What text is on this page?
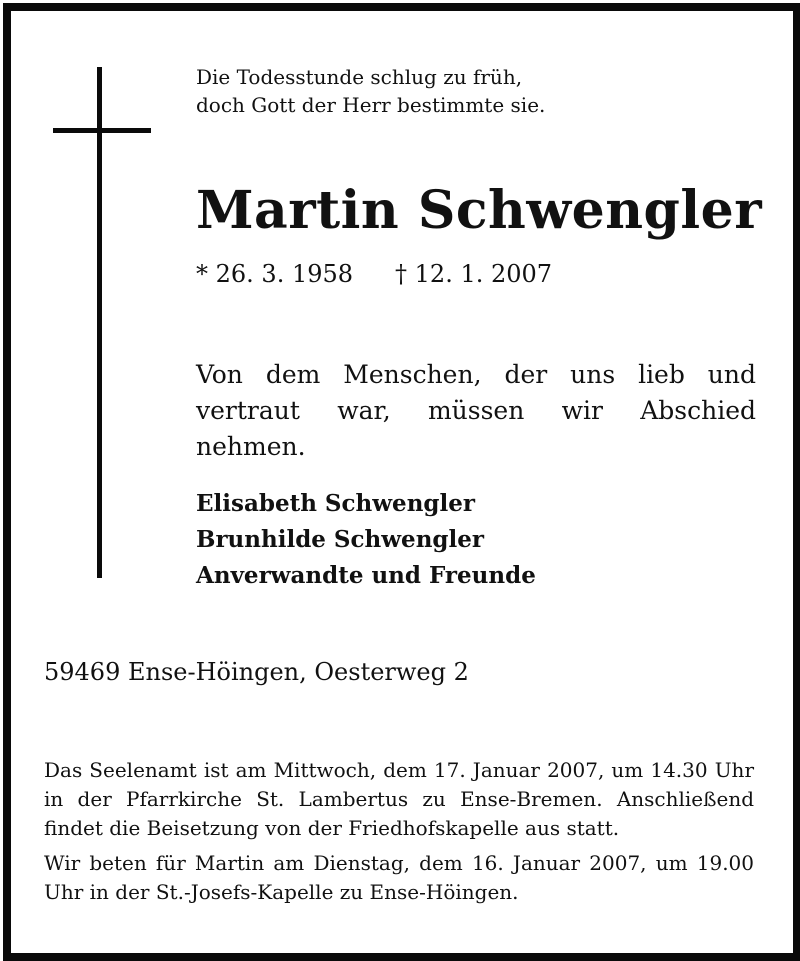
Die Todesstunde schlug zu früh,
doch Gott der Herr bestimmte sie.
Martin Schwengler
* 26. 3. 1958 † 12. 1. 2007
Von dem Menschen, der uns lieb und vertraut war, müssen wir Abschied nehmen.
Elisabeth Schwengler
Brunhilde Schwengler
Anverwandte und Freunde
59469 Ense-Höingen, Oesterweg 2

Das Seelenamt ist am Mittwoch, dem 17. Januar 2007, um 14.30 Uhr in der Pfarrkirche St. Lambertus zu Ense-Bremen. Anschließend findet die Beisetzung von der Friedhofskapelle aus statt.

Wir beten für Martin am Dienstag, dem 16. Januar 2007, um 19.00 Uhr in der St.-Josefs-Kapelle zu Ense-Höingen.
